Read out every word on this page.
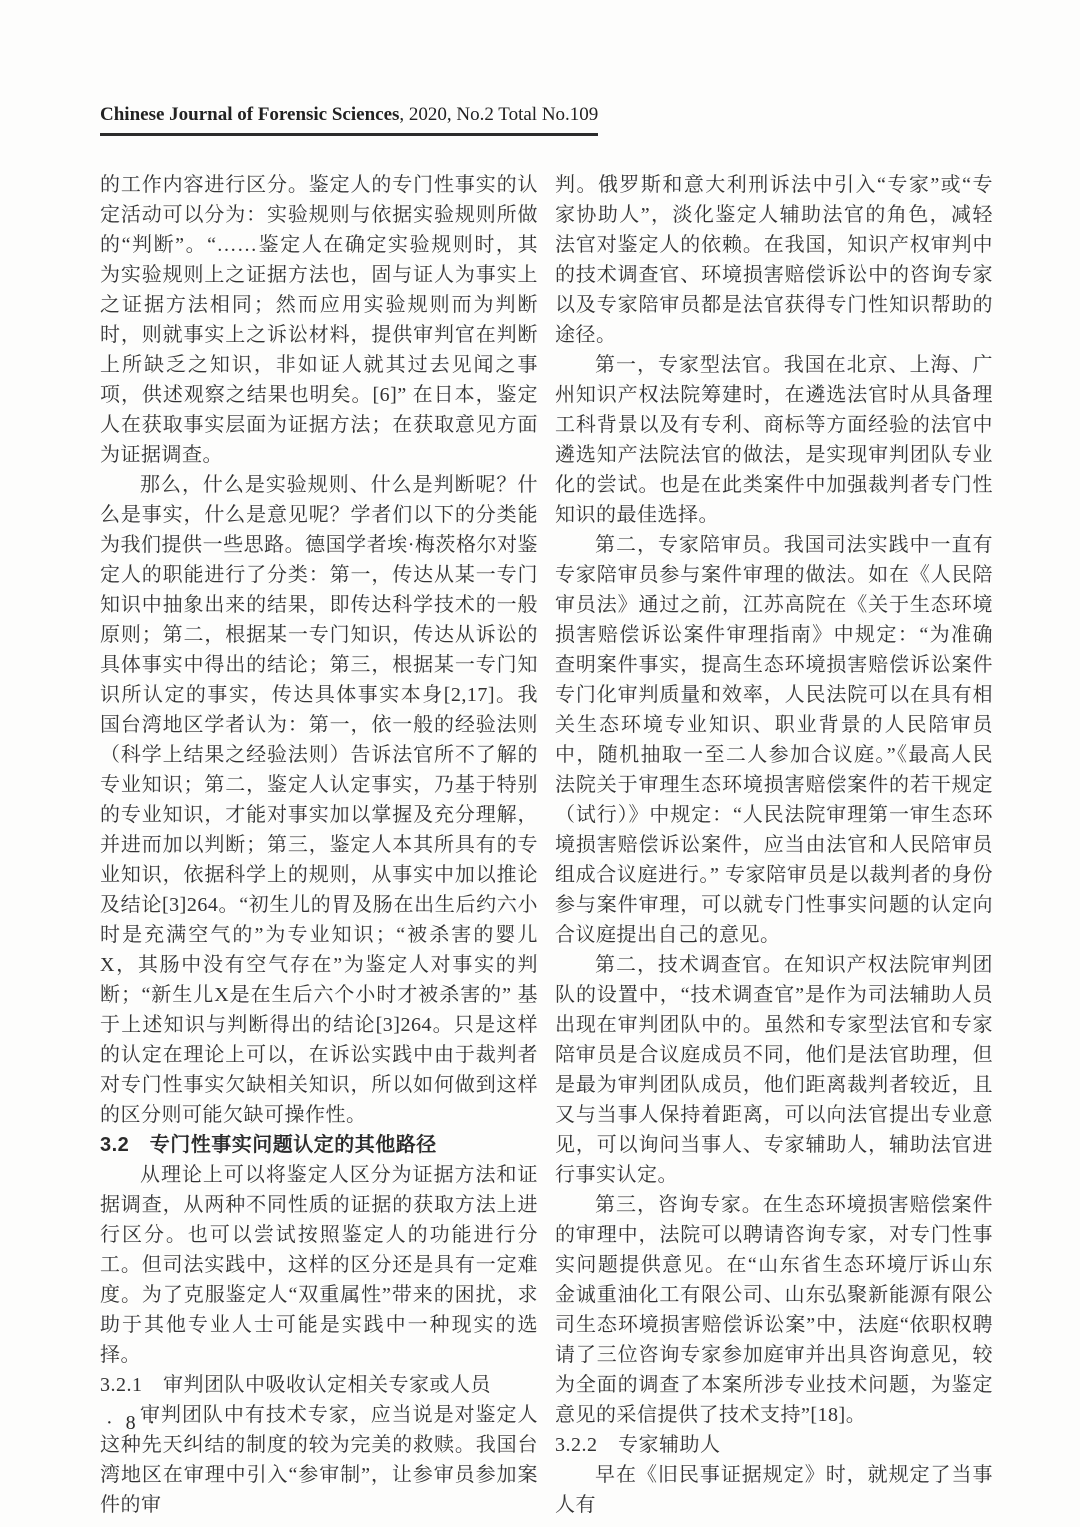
Chinese Journal of Forensic Sciences, 2020, No.2 Total No.109

的工作内容进行区分。鉴定人的专门性事实的认定活动可以分为：实验规则与依据实验规则所做的“判断”。“……鉴定人在确定实验规则时，其为实验规则上之证据方法也，固与证人为事实上之证据方法相同；然而应用实验规则而为判断时，则就事实上之诉讼材料，提供审判官在判断上所缺乏之知识，非如证人就其过去见闻之事项，供述观察之结果也明矣。[6]” 在日本，鉴定人在获取事实层面为证据方法；在获取意见方面为证据调查。

那么，什么是实验规则、什么是判断呢？什么是事实，什么是意见呢？学者们以下的分类能为我们提供一些思路。德国学者埃·梅茨格尔对鉴定人的职能进行了分类：第一，传达从某一专门知识中抽象出来的结果，即传达科学技术的一般原则；第二，根据某一专门知识，传达从诉讼的具体事实中得出的结论；第三，根据某一专门知识所认定的事实，传达具体事实本身[2,17]。我国台湾地区学者认为：第一，依一般的经验法则（科学上结果之经验法则）告诉法官所不了解的专业知识；第二，鉴定人认定事实，乃基于特别的专业知识，才能对事实加以掌握及充分理解，并进而加以判断；第三，鉴定人本其所具有的专业知识，依据科学上的规则，从事实中加以推论及结论[3]264。“初生儿的胃及肠在出生后约六小时是充满空气的”为专业知识；“被杀害的婴儿X，其肠中没有空气存在”为鉴定人对事实的判断；“新生儿X是在生后六个小时才被杀害的” 基于上述知识与判断得出的结论[3]264。只是这样的认定在理论上可以，在诉讼实践中由于裁判者对专门性事实欠缺相关知识，所以如何做到这样的区分则可能欠缺可操作性。

3.2　专门性事实问题认定的其他路径

从理论上可以将鉴定人区分为证据方法和证据调查，从两种不同性质的证据的获取方法上进行区分。也可以尝试按照鉴定人的功能进行分工。但司法实践中，这样的区分还是具有一定难度。为了克服鉴定人“双重属性”带来的困扰，求助于其他专业人士可能是实践中一种现实的选择。

3.2.1　审判团队中吸收认定相关专家或人员

审判团队中有技术专家，应当说是对鉴定人这种先天纠结的制度的较为完美的救赎。我国台湾地区在审理中引入“参审制”，让参审员参加案件的审

判。俄罗斯和意大利刑诉法中引入“专家”或“专家协助人”，淡化鉴定人辅助法官的角色，减轻法官对鉴定人的依赖。在我国，知识产权审判中的技术调查官、环境损害赔偿诉讼中的咨询专家以及专家陪审员都是法官获得专门性知识帮助的途径。

第一，专家型法官。我国在北京、上海、广州知识产权法院筹建时，在遴选法官时从具备理工科背景以及有专利、商标等方面经验的法官中遴选知产法院法官的做法，是实现审判团队专业化的尝试。也是在此类案件中加强裁判者专门性知识的最佳选择。

第二，专家陪审员。我国司法实践中一直有专家陪审员参与案件审理的做法。如在《人民陪审员法》通过之前，江苏高院在《关于生态环境损害赔偿诉讼案件审理指南》中规定：“为准确查明案件事实，提高生态环境损害赔偿诉讼案件专门化审判质量和效率，人民法院可以在具有相关生态环境专业知识、职业背景的人民陪审员中，随机抽取一至二人参加合议庭。”《最高人民法院关于审理生态环境损害赔偿案件的若干规定（试行）》中规定：“人民法院审理第一审生态环境损害赔偿诉讼案件，应当由法官和人民陪审员组成合议庭进行。” 专家陪审员是以裁判者的身份参与案件审理，可以就专门性事实问题的认定向合议庭提出自己的意见。

第二，技术调查官。在知识产权法院审判团队的设置中，“技术调查官”是作为司法辅助人员出现在审判团队中的。虽然和专家型法官和专家陪审员是合议庭成员不同，他们是法官助理，但是最为审判团队成员，他们距离裁判者较近，且又与当事人保持着距离，可以向法官提出专业意见，可以询问当事人、专家辅助人，辅助法官进行事实认定。

第三，咨询专家。在生态环境损害赔偿案件的审理中，法院可以聘请咨询专家，对专门性事实问题提供意见。在“山东省生态环境厅诉山东金诚重油化工有限公司、山东弘聚新能源有限公司生态环境损害赔偿诉讼案”中，法庭“依职权聘请了三位咨询专家参加庭审并出具咨询意见，较为全面的调查了本案所涉专业技术问题，为鉴定意见的采信提供了技术支持”[18]。

3.2.2　专家辅助人

早在《旧民事证据规定》时，就规定了当事人有

· 8 ·
